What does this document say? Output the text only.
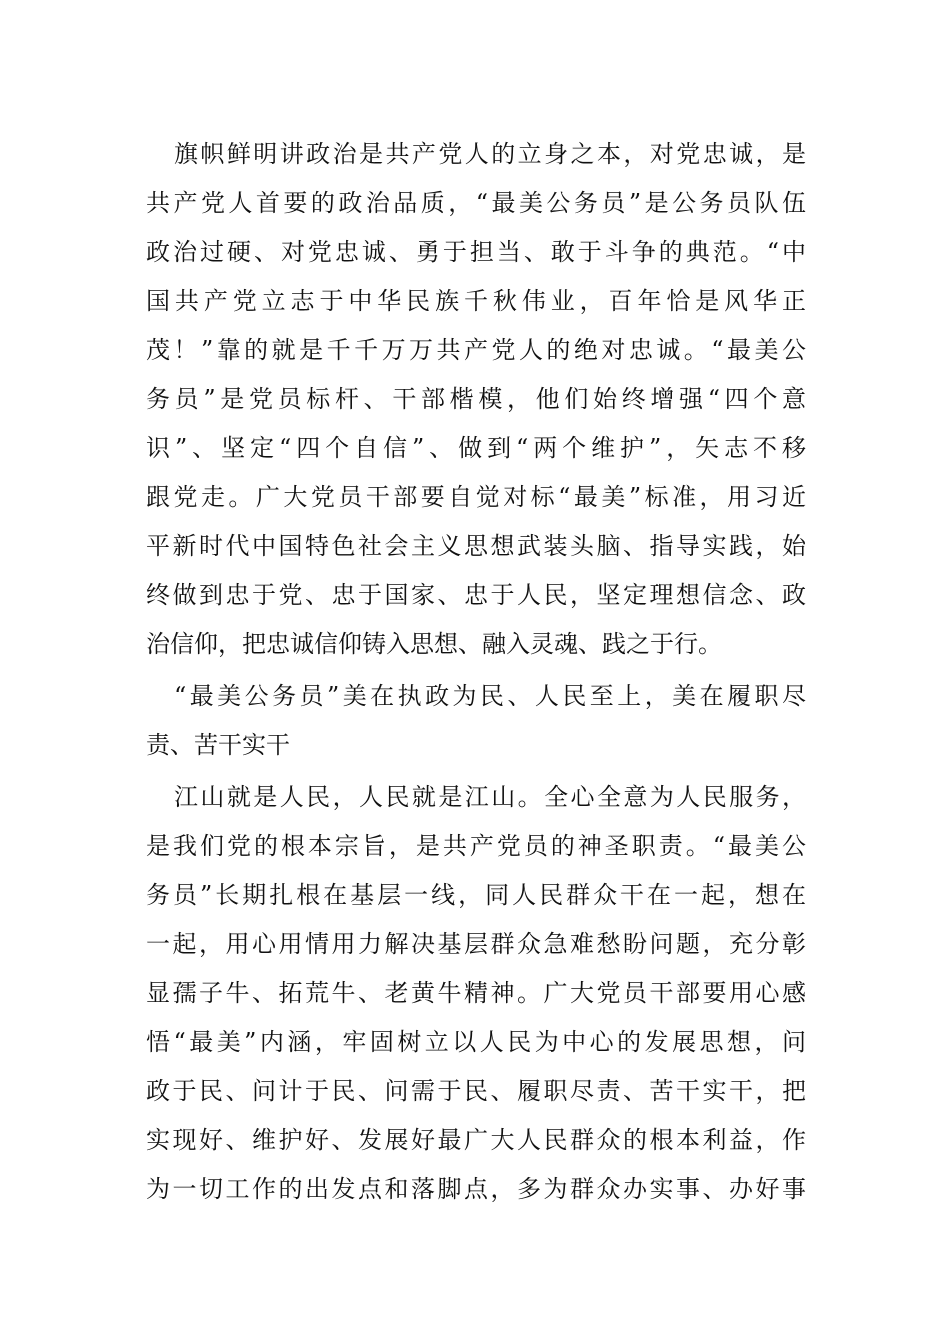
旗帜鲜明讲政治是共产党人的立身之本，对党忠诚，是
共产党人首要的政治品质，“最美公务员”是公务员队伍
政治过硬、对党忠诚、勇于担当、敢于斗争的典范。“中
国共产党立志于中华民族千秋伟业，百年恰是风华正
茂！”靠的就是千千万万共产党人的绝对忠诚。“最美公
务员”是党员标杆、干部楷模，他们始终增强“四个意
识”、坚定“四个自信”、做到“两个维护”，矢志不移
跟党走。广大党员干部要自觉对标“最美”标准，用习近
平新时代中国特色社会主义思想武装头脑、指导实践，始
终做到忠于党、忠于国家、忠于人民，坚定理想信念、政
治信仰，把忠诚信仰铸入思想、融入灵魂、践之于行。
“最美公务员”美在执政为民、人民至上，美在履职尽
责、苦干实干
江山就是人民，人民就是江山。全心全意为人民服务，
是我们党的根本宗旨，是共产党员的神圣职责。“最美公
务员”长期扎根在基层一线，同人民群众干在一起，想在
一起，用心用情用力解决基层群众急难愁盼问题，充分彰
显孺子牛、拓荒牛、老黄牛精神。广大党员干部要用心感
悟“最美”内涵，牢固树立以人民为中心的发展思想，问
政于民、问计于民、问需于民、履职尽责、苦干实干，把
实现好、维护好、发展好最广大人民群众的根本利益，作
为一切工作的出发点和落脚点，多为群众办实事、办好事
